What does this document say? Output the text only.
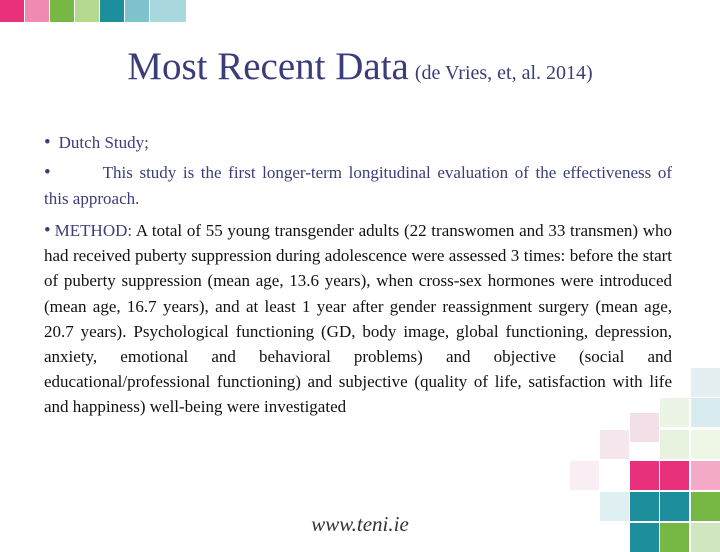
Most Recent Data (de Vries, et, al. 2014)
• Dutch Study;
•	This study is the first longer-term longitudinal evaluation of the effectiveness of this approach.
• METHOD: A total of 55 young transgender adults (22 transwomen and 33 transmen) who had received puberty suppression during adolescence were assessed 3 times: before the start of puberty suppression (mean age, 13.6 years), when cross-sex hormones were introduced (mean age, 16.7 years), and at least 1 year after gender reassignment surgery (mean age, 20.7 years). Psychological functioning (GD, body image, global functioning, depression, anxiety, emotional and behavioral problems) and objective (social and educational/professional functioning) and subjective (quality of life, satisfaction with life and happiness) well-being were investigated
www.teni.ie
